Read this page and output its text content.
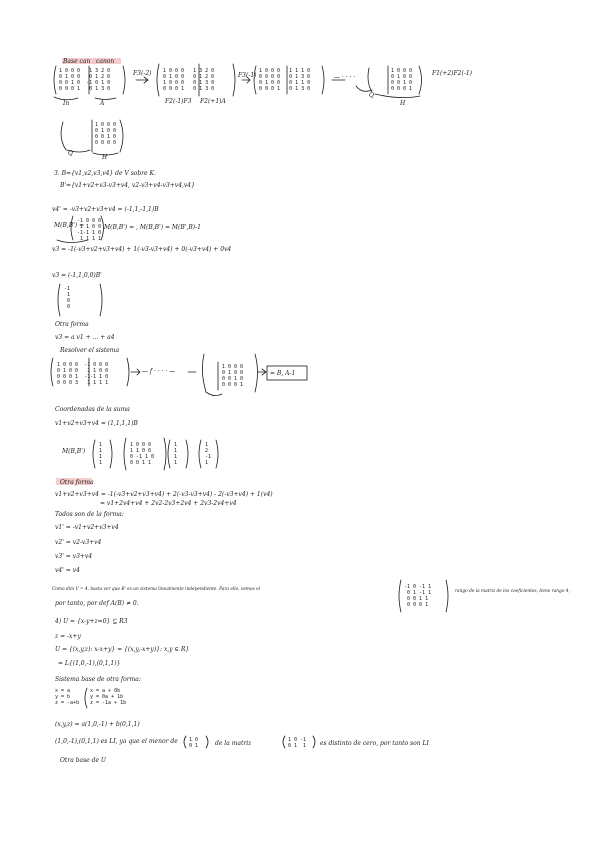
Base can canon
1 0 0 0   1 3 2 0
0 1 0 0   0 1 2 0
0 0 1 0  -1 0 1 0
0 0 0 1   0 1 3 0
In	A
F3(-2) 1 0 0 0   1 3 2 0
0 1 0 0   0 1 2 0
1 0 0 0   0 1 3 0
0 0 0 1   0 1 3 0
F2(-1)F3 F2(+1)A
F3(-1)
1 0 0 0   1 1 1 0
0 0 0 0   0 1 3 0
0 1 0 0   0 1 1 0
0 0 0 1   0 1 3 0
— · · · ·
1 0 0 0
0 1 0 0
0 0 1 0
0 0 0 1
Q
H
F1(+2)F2(-1)
1 0 0 0
0 1 0 0
0 0 1 0
0 0 0 0
Q
H
3. B={v1,v2,v3,v4} de V sobre K.
B'={v1+v2+v3-v3+v4, v2-v3+v4-v3+v4,v4}
v4' = -v3+v2+v3+v4 = (-1,1,-1,1)B
M(B,B') =
-1 0 0 0
1 1 0 0
-1-1 1 0
1 1 1 1
M(B,B') = , M(B,B') = M(B',B)-1
v3 = -1(-v3+v2+v3+v4) + 1(-v3-v3+v4) + 0(-v3+v4) + 0v4
v3 = (-1,1,0,0)B'
-1
1
0
0
Otra forma
v3 = a v1 + ... + a4
Resolver el sistema
1 0 0 0  -1 0 0 0
0 1 0 0   1 1 0 0
0 0 0 1  -1-1 1 0
0 0 0 3   1 1 1 1
— f · · · · —
1 0 0 0
0 1 0 0
0 0 1 0
0 0 0 1
= B, A-1
Coordenadas de la suma
v1+v2+v3+v4 = (1,1,1,1)B
M(B,B')
1
1
1
1
1 0 0 0
1 1 0 0
0 -1 1 0
0 0 1 1
1
1
1
1
1
2
-1
1
Otra forma
v1+v2+v3+v4 = -1(-v3+v2+v3+v4) + 2(-v3-v3+v4) - 2(-v3+v4) + 1(v4)
= v1+2v4+v4 + 2v2-2v3+2v4 + 2v3-2v4+v4
Todos son de la forma:
v1' = -v1+v2+v3+v4
v2' = v2-v3+v4
v3' = v3+v4
v4' = v4
Como dim V = 4, basta ver que B' es un sistema linealmente independiente. Para ello, vemos el	-1 0 -1 1
0 1 -1 1
0 0 1 1
0 0 0 1
rango de la matriz de los coeficientes, tiene rango 4,
por tanto, por def A(B) ≠ 0.
4) U = {x-y+z=0} ⊆ R3
z = -x+y
U = {(x,y,z): x-x+y} = {(x,y,-x+y)}: x,y ∈ R}
= L{(1,0,-1),(0,1,1)}
Sistema base de otra forma:
x = a
y = b
z = -a+b
x = a + 0b
y = 0a + 1b
z = -1a + 1b
(x,y,z) = a(1,0,-1) + b(0,1,1)
(1,0,-1),(0,1,1) es LI, ya que el menor de 1 0
0 1	de la matriz	1 0 -1
0 1  1 es distinto de cero, por tanto son LI
Otra base de U
